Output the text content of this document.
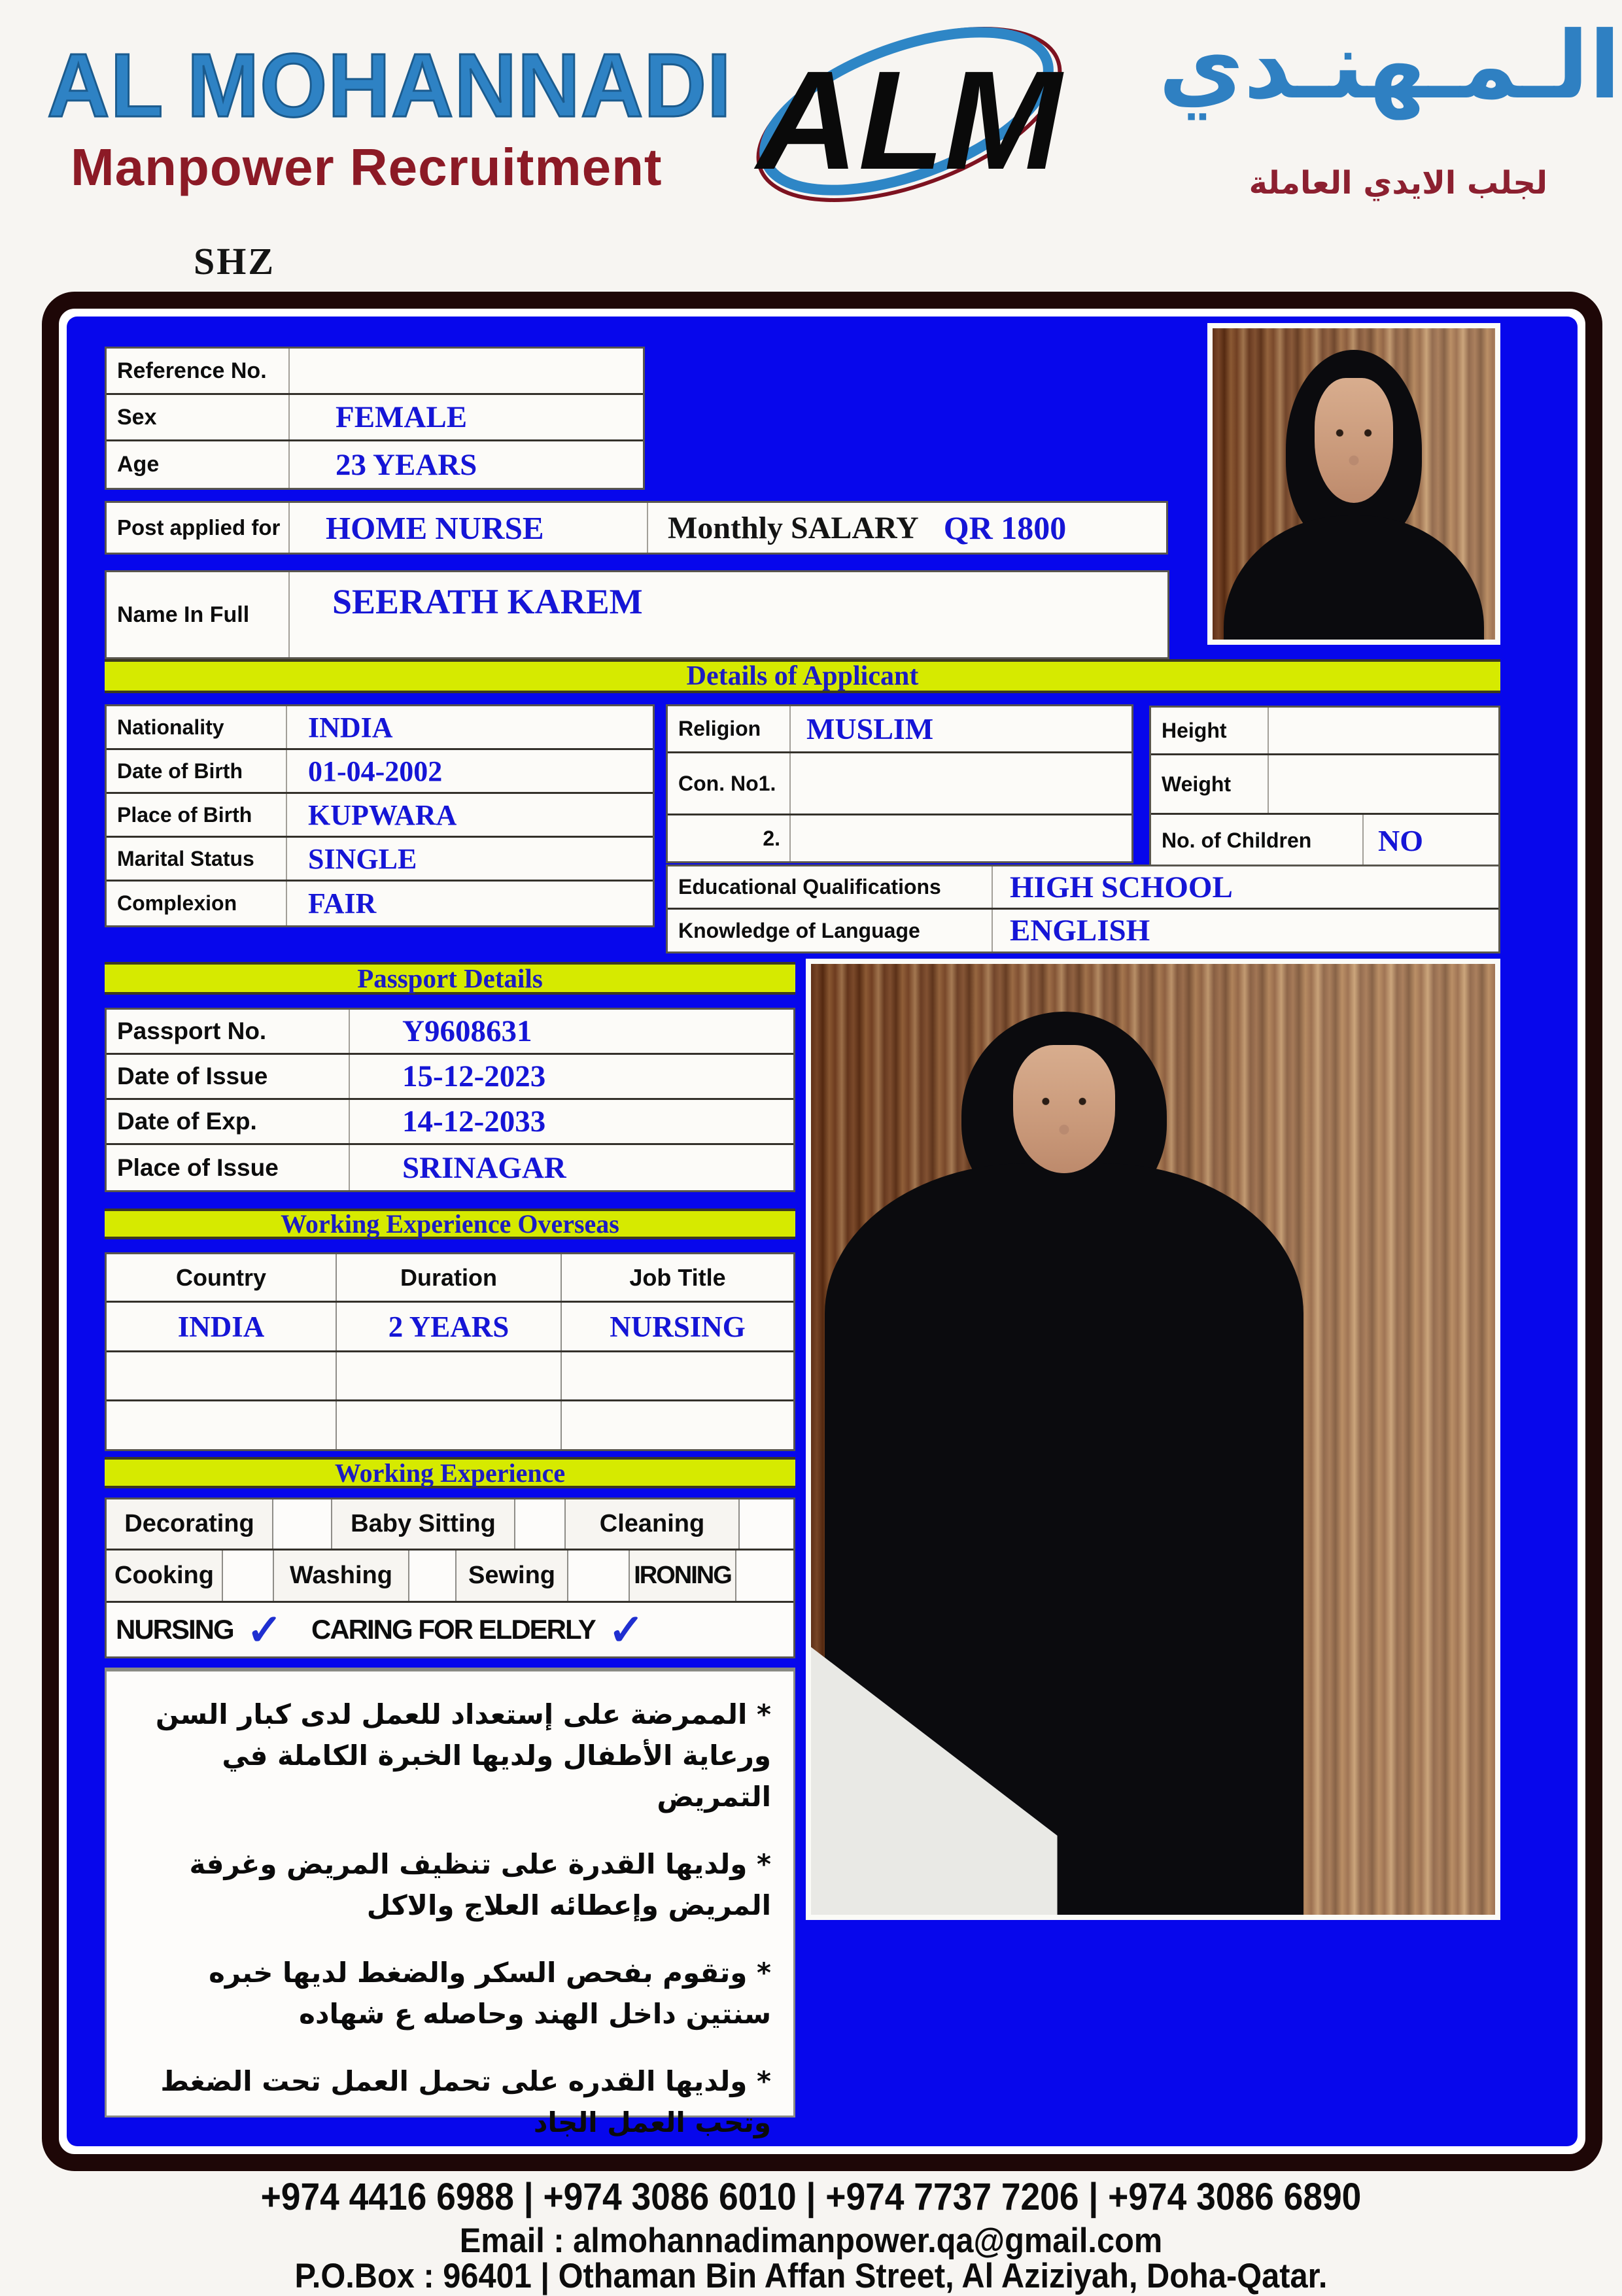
AL MOHANNADI
Manpower Recruitment ALM	الـمـهنـدي
لجلب الايدي العاملة
SHZ
Reference No.
Sex	FEMALE
Age	23 YEARS
Post applied for	HOME NURSE	Monthly SALARY QR 1800
Name In Full	SEERATH KAREM
Details of Applicant
Nationality	INDIA
Date of Birth	01-04-2002
Place of Birth	KUPWARA
Marital Status	SINGLE
Complexion	FAIR
Religion	MUSLIM
Con. No1.
2.
Height
Weight
No. of Children	NO
Educational Qualifications	HIGH SCHOOL
Knowledge of Language	ENGLISH
Passport Details
Passport No.	Y9608631
Date of Issue	15-12-2023
Date of Exp.	14-12-2033
Place of Issue	SRINAGAR
Working Experience Overseas
Country	Duration	Job Title
INDIA	2 YEARS	NURSING
Working Experience
Decorating	Baby Sitting	Cleaning
Cooking	Washing	Sewing	IRONING
NURSING ✓ CARING FOR ELDERLY ✓

* الممرضة على إستعداد للعمل لدى كبار السن ورعاية الأطفال ولديها الخبرة الكاملة في التمريض

* ولديها القدرة على تنظيف المريض وغرفة المريض وإعطائه العلاج والاكل

* وتقوم بفحص السكر والضغط لديها خبره سنتين داخل الهند وحاصله ع شهاده

* ولديها القدره على تحمل العمل تحت الضغط وتحب العمل الجاد

+974 4416 6988 | +974 3086 6010 | +974 7737 7206 | +974 3086 6890
Email : almohannadimanpower.qa@gmail.com
P.O.Box : 96401 | Othaman Bin Affan Street, Al Aziziyah, Doha-Qatar.
